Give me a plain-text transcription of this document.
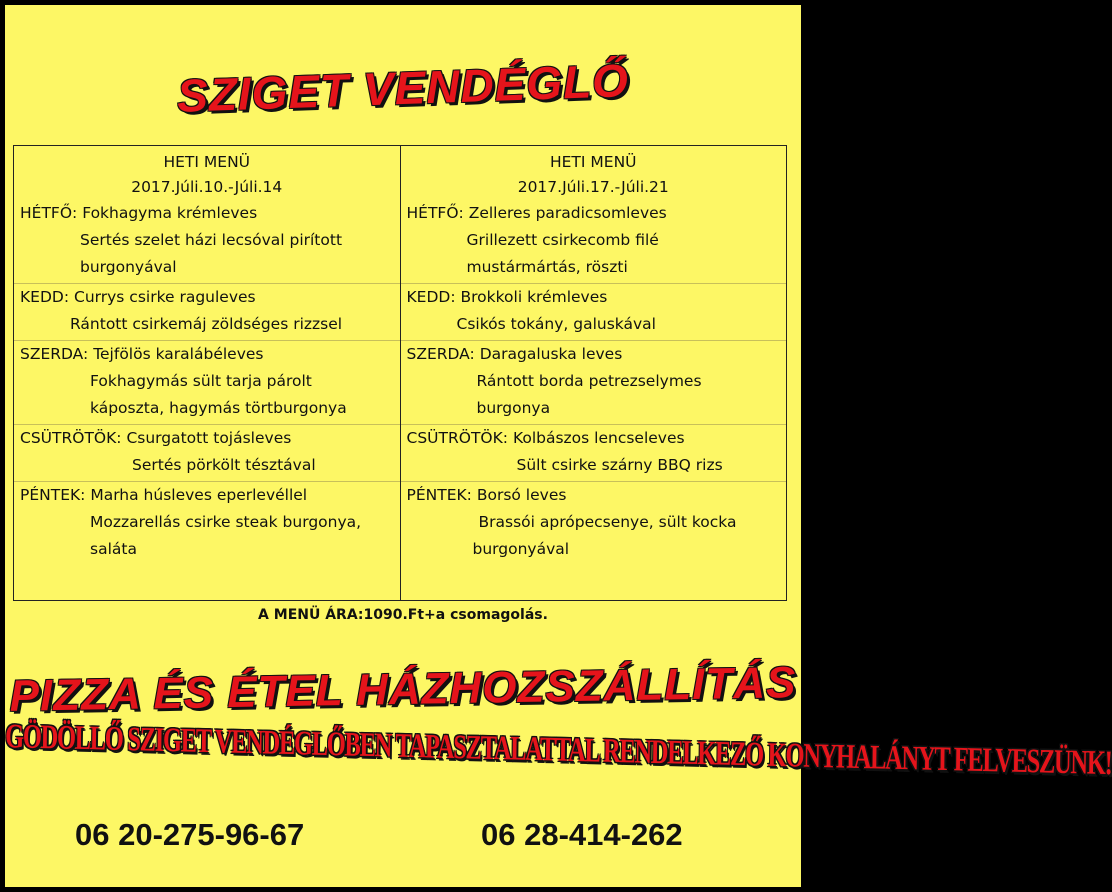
SZIGET VENDÉGLŐ
HETI MENÜ
2017.Júli.10.-Júli.14
HÉTFŐ: Fokhagyma krémleves
Sertés szelet házi lecsóval pirított
burgonyával
KEDD: Currys csirke raguleves
Rántott csirkemáj zöldséges rizzsel
SZERDA: Tejfölös karalábéleves
Fokhagymás sült tarja párolt
káposzta, hagymás törtburgonya
CSÜTRÖTÖK: Csurgatott tojásleves
Sertés pörkölt tésztával
PÉNTEK: Marha húsleves eperlevéllel
Mozzarellás csirke steak burgonya,
saláta
HETI MENÜ
2017.Júli.17.-Júli.21
HÉTFŐ: Zelleres paradicsomleves
Grillezett csirkecomb filé
mustármártás, röszti
KEDD: Brokkoli krémleves
Csikós tokány, galuskával
SZERDA: Daragaluska leves
Rántott borda petrezselymes
burgonya
CSÜTRÖTÖK: Kolbászos lencseleves
Sült csirke szárny BBQ rizs
PÉNTEK: Borsó leves
Brassói aprópecsenye, sült kocka
burgonyával
A MENÜ ÁRA:1090.Ft+a csomagolás.
PIZZA ÉS ÉTEL HÁZHOZSZÁLLÍTÁS
GÖDÖLLŐ SZIGET VENDÉGLŐBEN TAPASZTALATTAL RENDELKEZŐ KONYHALÁNYT FELVESZÜNK!
06 20-275-96-67	06 28-414-262
